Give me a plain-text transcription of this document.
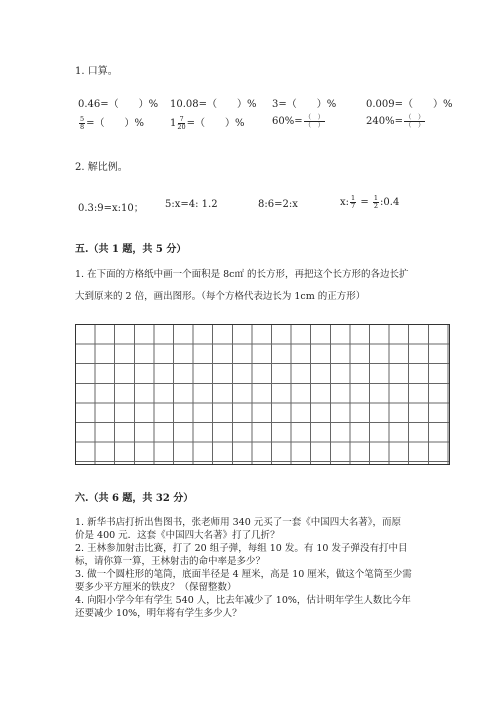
1. 口算。
0.46=（　　）% 10.08=（　　）% 3=（　　）%	0.009=（　　）%
$\frac{5}{8}$ =（　　）%	$1 \frac{7}{20}$ =（　　）%	$60\%= \frac{( )}{( )}$	$240\%= \frac{( )}{( )}$
2. 解比例。
0.3:9=x:10； 5:x=4: 1.2	8:6=2:x	x: $\frac{1}{7} = \frac{1}{2}$ :0.4
五.（共 1 题，共 5 分）
1. 在下面的方格纸中画一个面积是 8c㎡ 的长方形，再把这个长方形的各边长扩
大到原来的 2 倍，画出图形。（每个方格代表边长为 1cm 的正方形）
六.（共 6 题，共 32 分）
1. 新华书店打折出售图书，张老师用 340 元买了一套《中国四大名著》，而原
价是 400 元．这套《中国四大名著》打了几折？
2. 王林参加射击比赛，打了 20 组子弹，每组 10 发。有 10 发子弹没有打中目
标，请你算一算，王林射击的命中率是多少？
3. 做一个圆柱形的笔筒，底面半径是 4 厘米，高是 10 厘米，做这个笔筒至少需
要多少平方厘米的铁皮？（保留整数）
4. 向阳小学今年有学生 540 人，比去年减少了 10%，估计明年学生人数比今年
还要减少 10%，明年将有学生多少人？
